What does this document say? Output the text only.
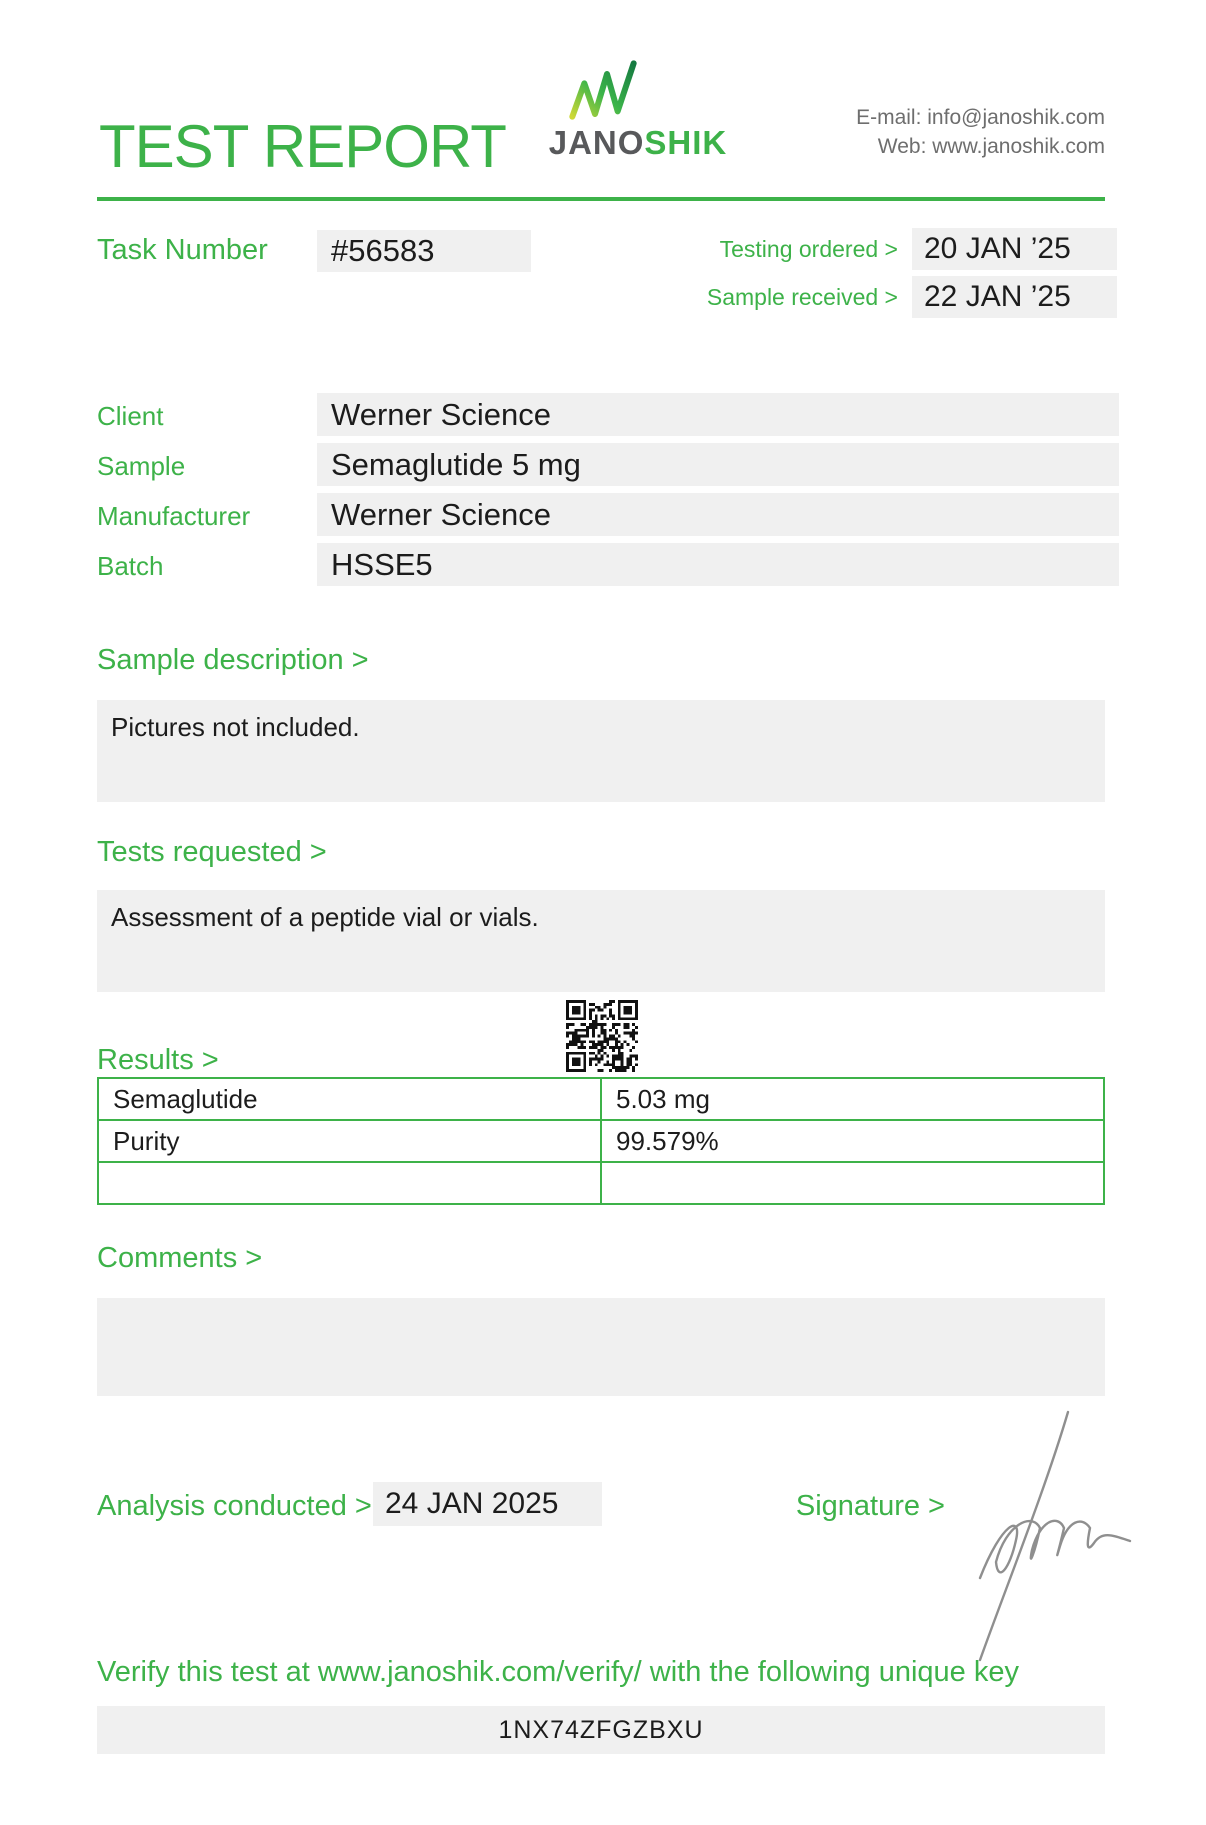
TEST REPORT	JANOSHIK
E-mail: info@janoshik.com
Web: www.janoshik.com
Task Number	#56583	Testing ordered > 20 JAN ’25
Sample received > 22 JAN ’25
Client	Werner Science
Sample	Semaglutide 5 mg
Manufacturer	Werner Science
Batch	HSSE5
Sample description >
Pictures not included.
Tests requested >
Assessment of a peptide vial or vials.
Results >
Semaglutide	5.03 mg
Purity	99.579%

Comments >
Analysis conducted > 24 JAN 2025	Signature >
Verify this test at www.janoshik.com/verify/ with the following unique key
1NX74ZFGZBXU
